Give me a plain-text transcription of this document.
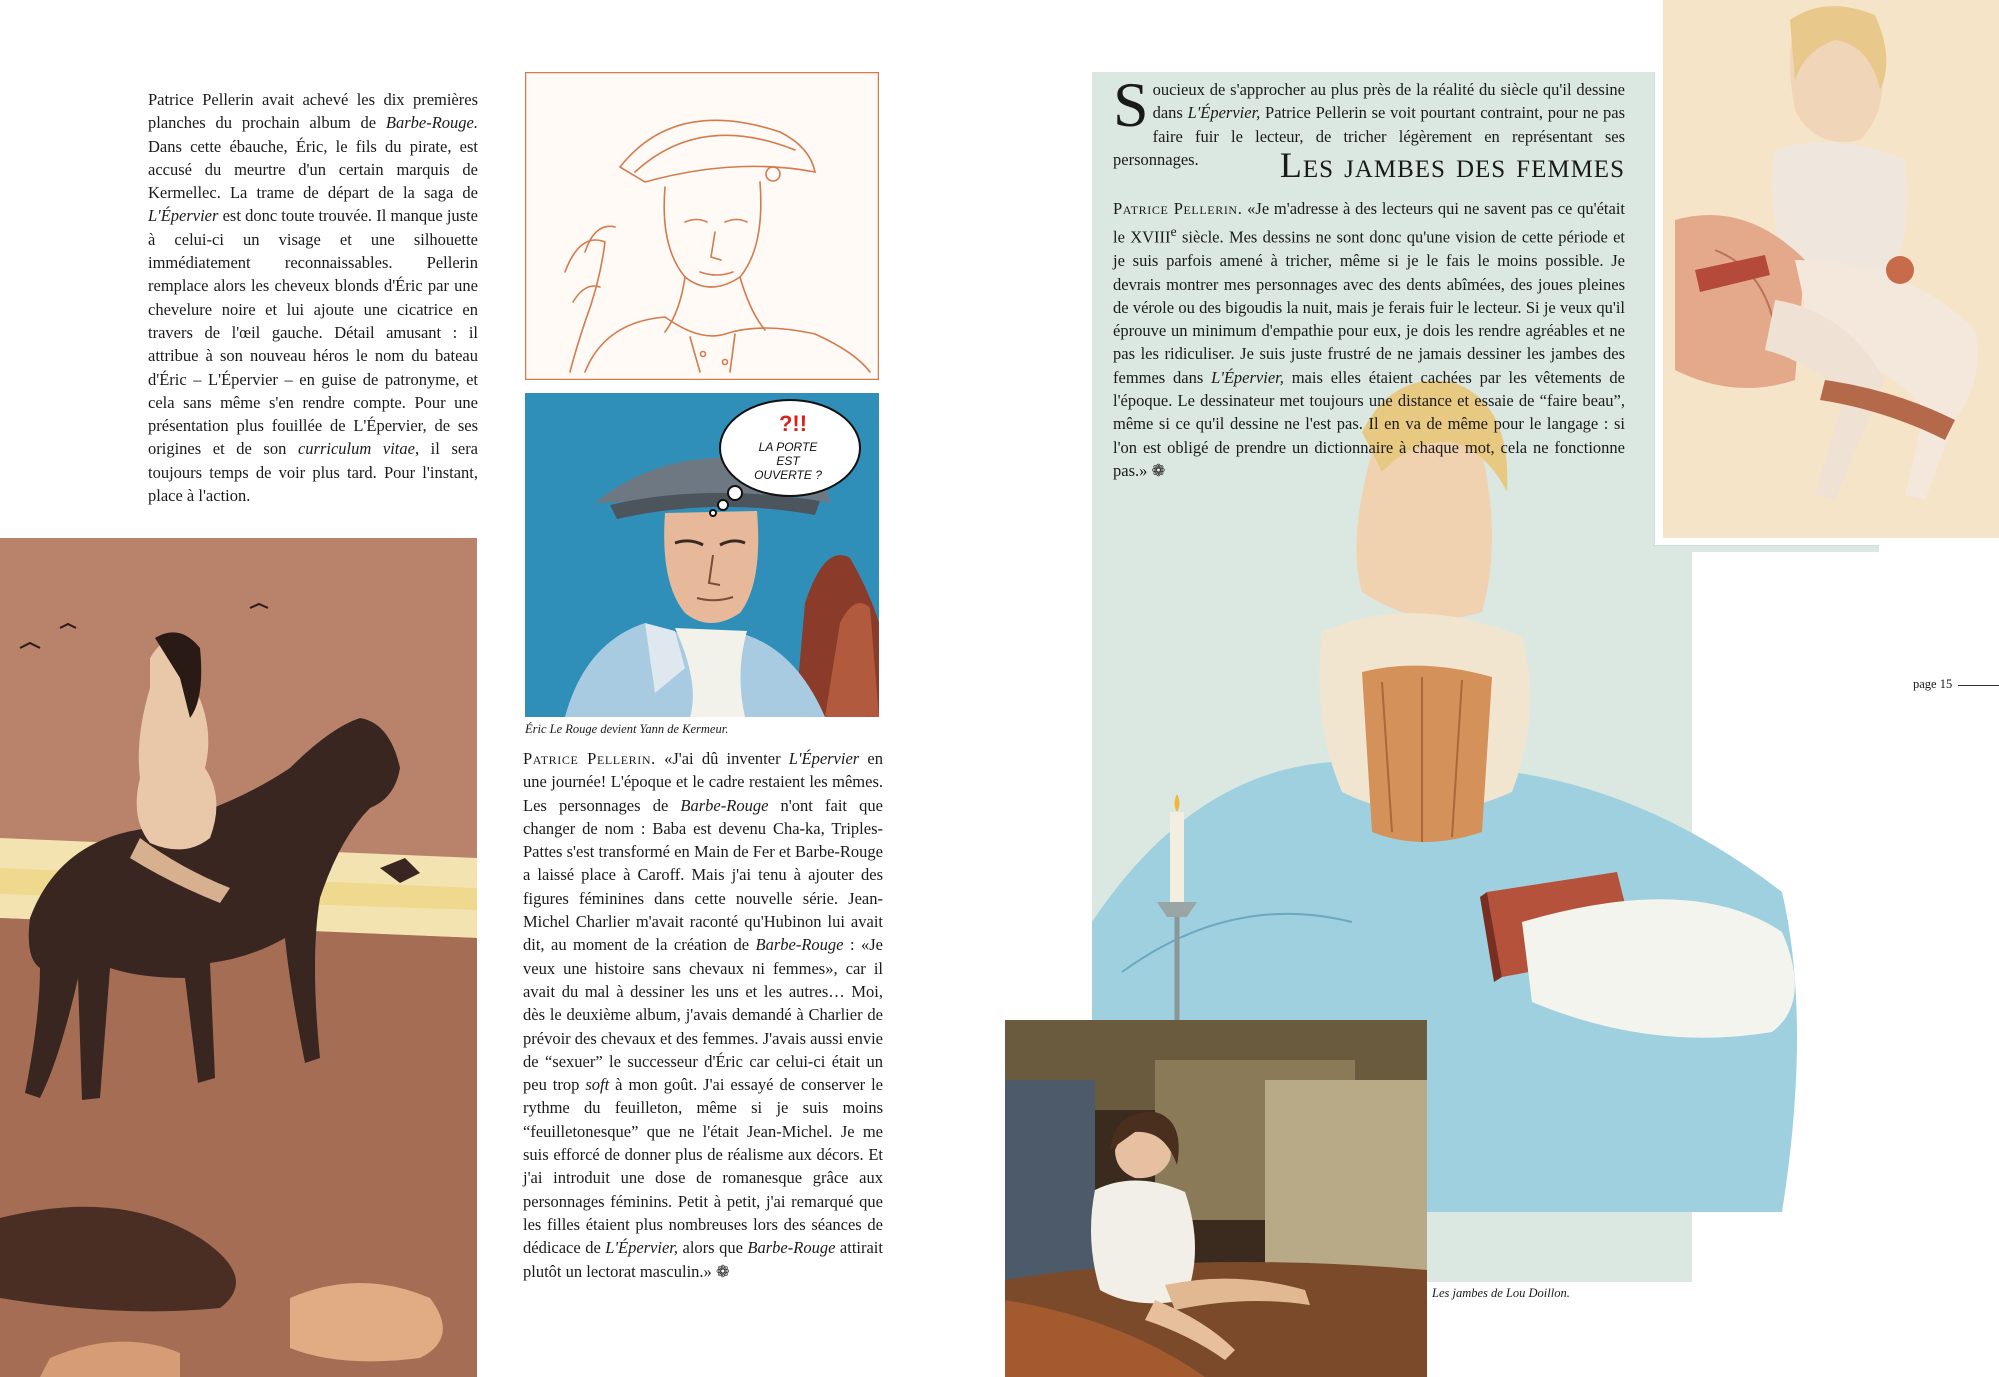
Patrice Pellerin avait achevé les dix premières planches du prochain album de Barbe-Rouge. Dans cette ébauche, Éric, le fils du pirate, est accusé du meurtre d'un certain marquis de Kermellec. La trame de départ de la saga de L'Épervier est donc toute trouvée. Il manque juste à celui-ci un visage et une silhouette immédiatement reconnaissables. Pellerin remplace alors les cheveux blonds d'Éric par une chevelure noire et lui ajoute une cicatrice en travers de l'œil gauche. Détail amusant : il attribue à son nouveau héros le nom du bateau d'Éric – L'Épervier – en guise de patronyme, et cela sans même s'en rendre compte. Pour une présentation plus fouillée de L'Épervier, de ses origines et de son curriculum vitae, il sera toujours temps de voir plus tard. Pour l'instant, place à l'action.
?!!
LA PORTE
EST
OUVERTE ?
Éric Le Rouge devient Yann de Kermeur.
Patrice Pellerin. «J'ai dû inventer L'Épervier en une journée! L'époque et le cadre restaient les mêmes. Les personnages de Barbe-Rouge n'ont fait que changer de nom : Baba est devenu Cha-ka, Triples-Pattes s'est transformé en Main de Fer et Barbe-Rouge a laissé place à Caroff. Mais j'ai tenu à ajouter des figures féminines dans cette nouvelle série. Jean-Michel Charlier m'avait raconté qu'Hubinon lui avait dit, au moment de la création de Barbe-Rouge : «Je veux une histoire sans chevaux ni femmes», car il avait du mal à dessiner les uns et les autres… Moi, dès le deuxième album, j'avais demandé à Charlier de prévoir des chevaux et des femmes. J'avais aussi envie de “sexuer” le successeur d'Éric car celui-ci était un peu trop soft à mon goût. J'ai essayé de conserver le rythme du feuilleton, même si je suis moins “feuilletonesque” que ne l'était Jean-Michel. Je me suis efforcé de donner plus de réalisme aux décors. Et j'ai introduit une dose de romanesque grâce aux personnages féminins. Petit à petit, j'ai remarqué que les filles étaient plus nombreuses lors des séances de dédicace de L'Épervier, alors que Barbe-Rouge attirait plutôt un lectorat masculin.» ❁
Soucieux de s'approcher au plus près de la réalité du siècle qu'il dessine dans L'Épervier, Patrice Pellerin se voit pourtant contraint, pour ne pas faire fuir le lecteur, de tricher légèrement en représentant ses personnages.	Les jambes des femmes
Patrice Pellerin. «Je m'adresse à des lecteurs qui ne savent pas ce qu'était le XVIIIe siècle. Mes dessins ne sont donc qu'une vision de cette période et je suis parfois amené à tricher, même si je le fais le moins possible. Je devrais montrer mes personnages avec des dents abîmées, des joues pleines de vérole ou des bigoudis la nuit, mais je ferais fuir le lecteur. Si je veux qu'il éprouve un minimum d'empathie pour eux, je dois les rendre agréables et ne pas les ridiculiser. Je suis juste frustré de ne jamais dessiner les jambes des femmes dans L'Épervier, mais elles étaient cachées par les vêtements de l'époque. Le dessinateur met toujours une distance et essaie de “faire beau”, même si ce qu'il dessine ne l'est pas. Il en va de même pour le langage : si l'on est obligé de prendre un dictionnaire à chaque mot, cela ne fonctionne pas.» ❁
Les jambes de Lou Doillon.
page 15
